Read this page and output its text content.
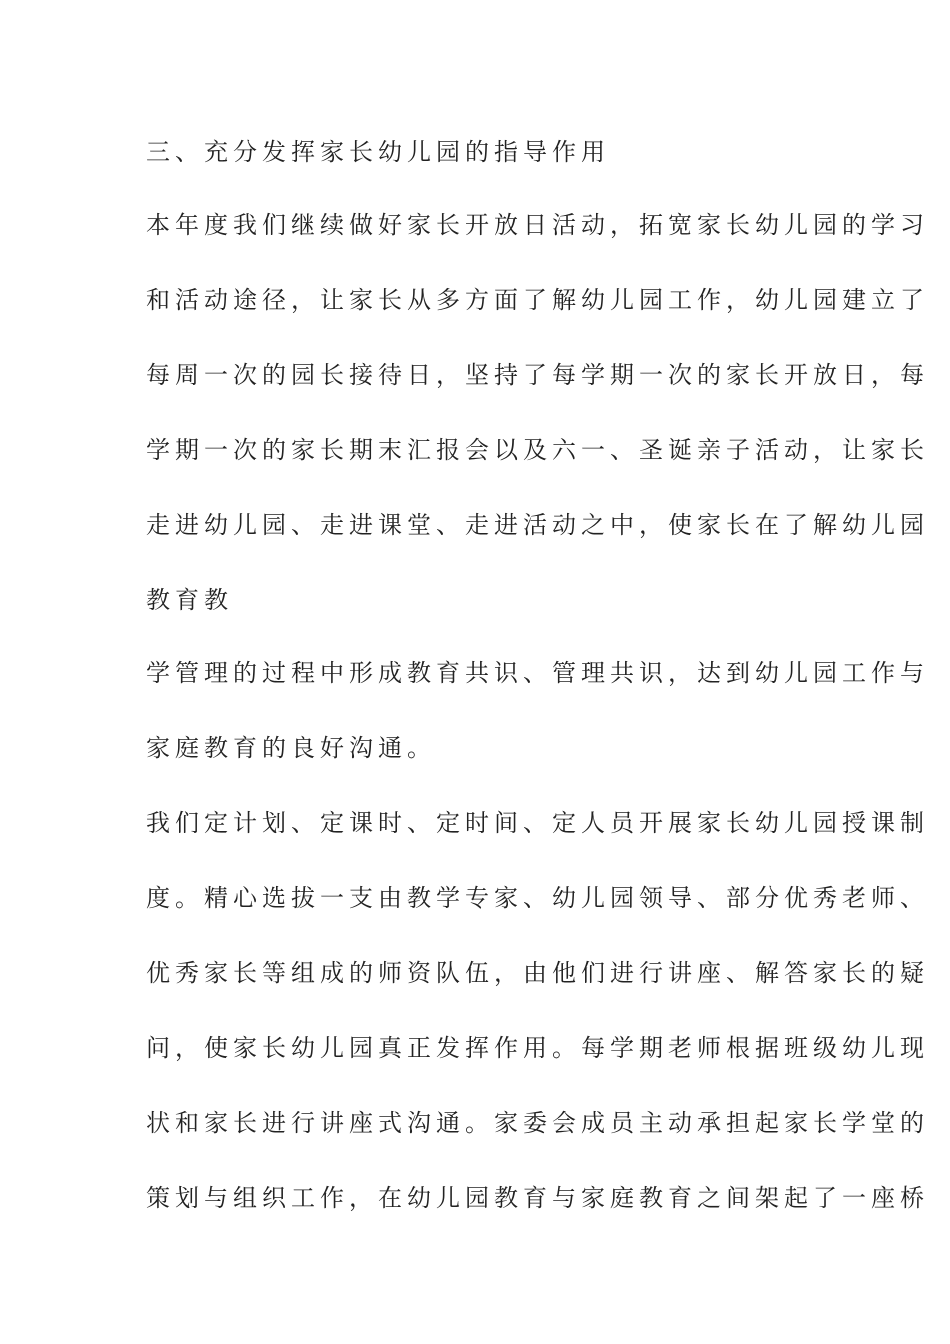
三、充分发挥家长幼儿园的指导作用
本年度我们继续做好家长开放日活动，拓宽家长幼儿园的学习
和活动途径，让家长从多方面了解幼儿园工作，幼儿园建立了
每周一次的园长接待日，坚持了每学期一次的家长开放日，每
学期一次的家长期末汇报会以及六一、圣诞亲子活动，让家长
走进幼儿园、走进课堂、走进活动之中，使家长在了解幼儿园
教育教
学管理的过程中形成教育共识、管理共识，达到幼儿园工作与
家庭教育的良好沟通。
我们定计划、定课时、定时间、定人员开展家长幼儿园授课制
度。精心选拔一支由教学专家、幼儿园领导、部分优秀老师、
优秀家长等组成的师资队伍，由他们进行讲座、解答家长的疑
问，使家长幼儿园真正发挥作用。每学期老师根据班级幼儿现
状和家长进行讲座式沟通。家委会成员主动承担起家长学堂的
策划与组织工作，在幼儿园教育与家庭教育之间架起了一座桥
